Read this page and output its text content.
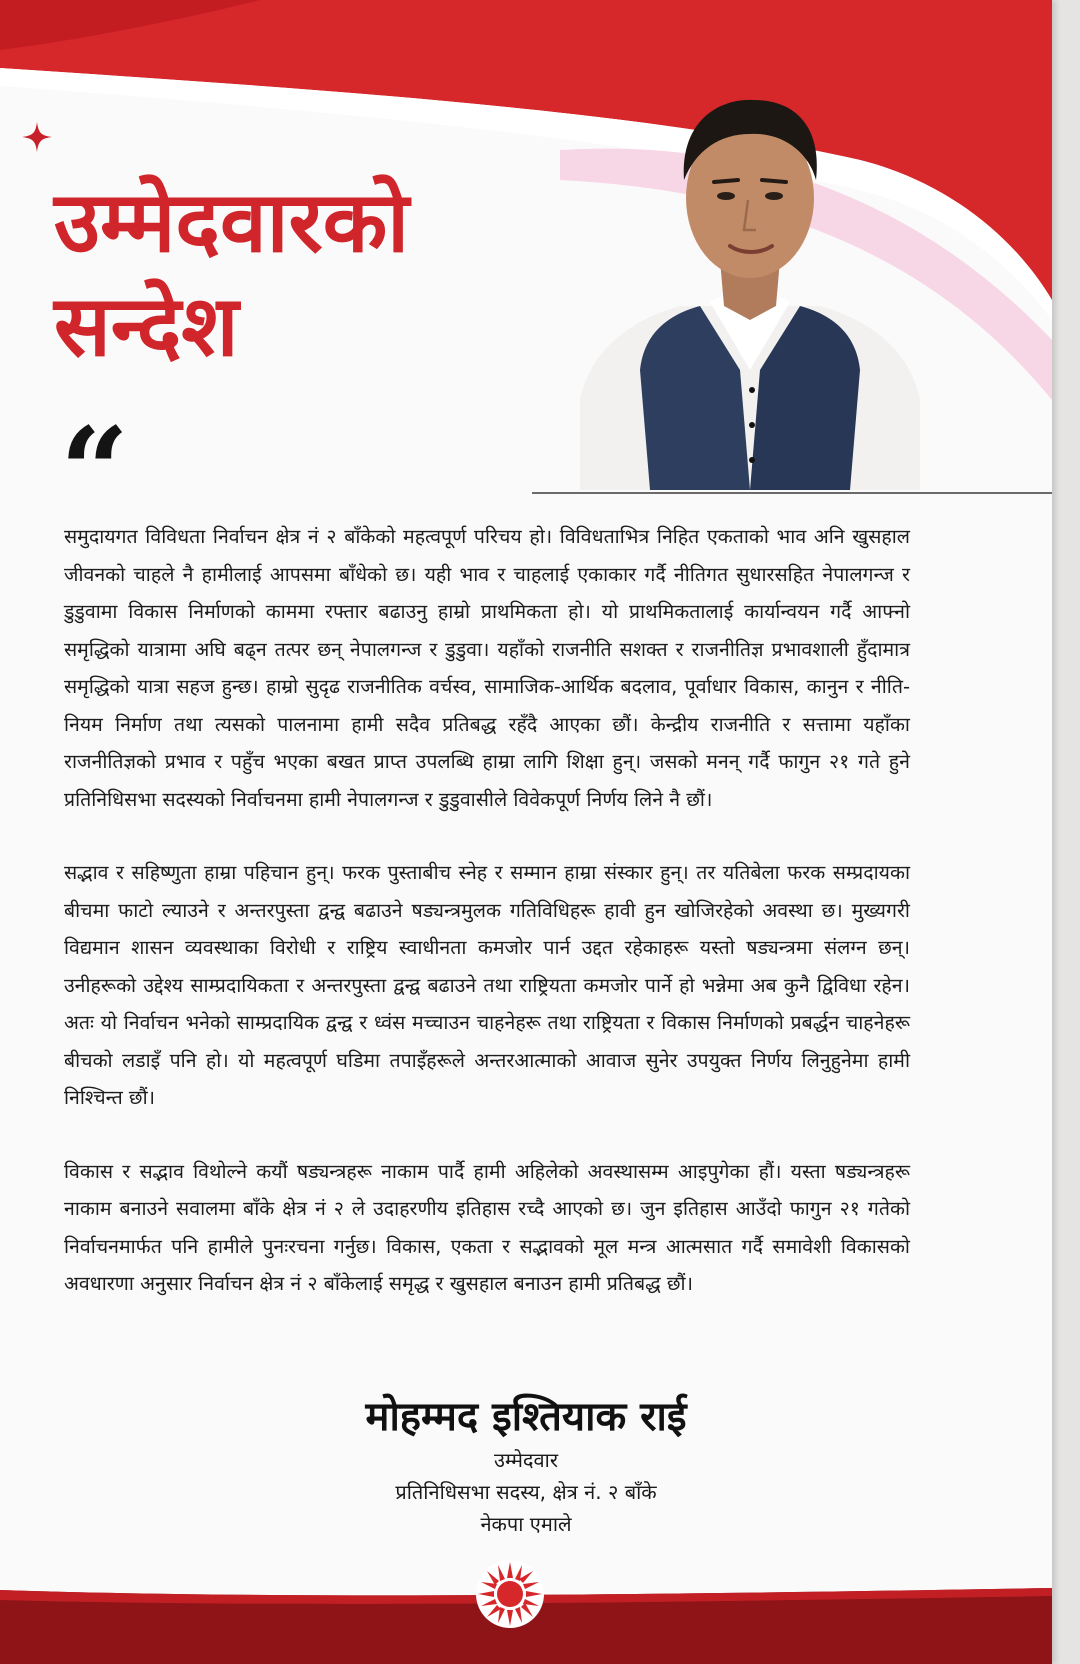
उम्मेदवारको
सन्देश
“

समुदायगत विविधता निर्वाचन क्षेत्र नं २ बाँकेको महत्वपूर्ण परिचय हो। विविधताभित्र निहित एकताको भाव अनि खुसहाल जीवनको चाहले नै हामीलाई आपसमा बाँधेको छ। यही भाव र चाहलाई एकाकार गर्दै नीतिगत सुधारसहित नेपालगन्ज र डुडुवामा विकास निर्माणको काममा रफ्तार बढाउनु हाम्रो प्राथमिकता हो। यो प्राथमिकतालाई कार्यान्वयन गर्दै आफ्नो समृद्धिको यात्रामा अघि बढ्न तत्पर छन् नेपालगन्ज र डुडुवा। यहाँको राजनीति सशक्त र राजनीतिज्ञ प्रभावशाली हुँदामात्र समृद्धिको यात्रा सहज हुन्छ। हाम्रो सुदृढ राजनीतिक वर्चस्व, सामाजिक-आर्थिक बदलाव, पूर्वाधार विकास, कानुन र नीति-नियम निर्माण तथा त्यसको पालनामा हामी सदैव प्रतिबद्ध रहँदै आएका छौं। केन्द्रीय राजनीति र सत्तामा यहाँका राजनीतिज्ञको प्रभाव र पहुँच भएका बखत प्राप्त उपलब्धि हाम्रा लागि शिक्षा हुन्। जसको मनन् गर्दै फागुन २१ गते हुने प्रतिनिधिसभा सदस्यको निर्वाचनमा हामी नेपालगन्ज र डुडुवासीले विवेकपूर्ण निर्णय लिने नै छौं।

सद्भाव र सहिष्णुता हाम्रा पहिचान हुन्। फरक पुस्ताबीच स्नेह र सम्मान हाम्रा संस्कार हुन्। तर यतिबेला फरक सम्प्रदायका बीचमा फाटो ल्याउने र अन्तरपुस्ता द्वन्द्व बढाउने षड्यन्त्रमुलक गतिविधिहरू हावी हुन खोजिरहेको अवस्था छ। मुख्यगरी विद्यमान शासन व्यवस्थाका विरोधी र राष्ट्रिय स्वाधीनता कमजोर पार्न उद्दत रहेकाहरू यस्तो षड्यन्त्रमा संलग्न छन्। उनीहरूको उद्देश्य साम्प्रदायिकता र अन्तरपुस्ता द्वन्द्व बढाउने तथा राष्ट्रियता कमजोर पार्ने हो भन्नेमा अब कुनै द्विविधा रहेन। अतः यो निर्वाचन भनेको साम्प्रदायिक द्वन्द्व र ध्वंस मच्चाउन चाहनेहरू तथा राष्ट्रियता र विकास निर्माणको प्रबर्द्धन चाहनेहरू बीचको लडाइँ पनि हो। यो महत्वपूर्ण घडिमा तपाइँहरूले अन्तरआत्माको आवाज सुनेर उपयुक्त निर्णय लिनुहुनेमा हामी निश्चिन्त छौं।

विकास र सद्भाव विथोल्ने कयौं षड्यन्त्रहरू नाकाम पार्दै हामी अहिलेको अवस्थासम्म आइपुगेका हौं। यस्ता षड्यन्त्रहरू नाकाम बनाउने सवालमा बाँके क्षेत्र नं २ ले उदाहरणीय इतिहास रच्दै आएको छ। जुन इतिहास आउँदो फागुन २१ गतेको निर्वाचनमार्फत पनि हामीले पुनःरचना गर्नुछ। विकास, एकता र सद्भावको मूल मन्त्र आत्मसात गर्दै समावेशी विकासको अवधारणा अनुसार निर्वाचन क्षेत्र नं २ बाँकेलाई समृद्ध र खुसहाल बनाउन हामी प्रतिबद्ध छौं।

मोहम्मद इश्तियाक राई
उम्मेदवार
प्रतिनिधिसभा सदस्य, क्षेत्र नं. २ बाँके
नेकपा एमाले
